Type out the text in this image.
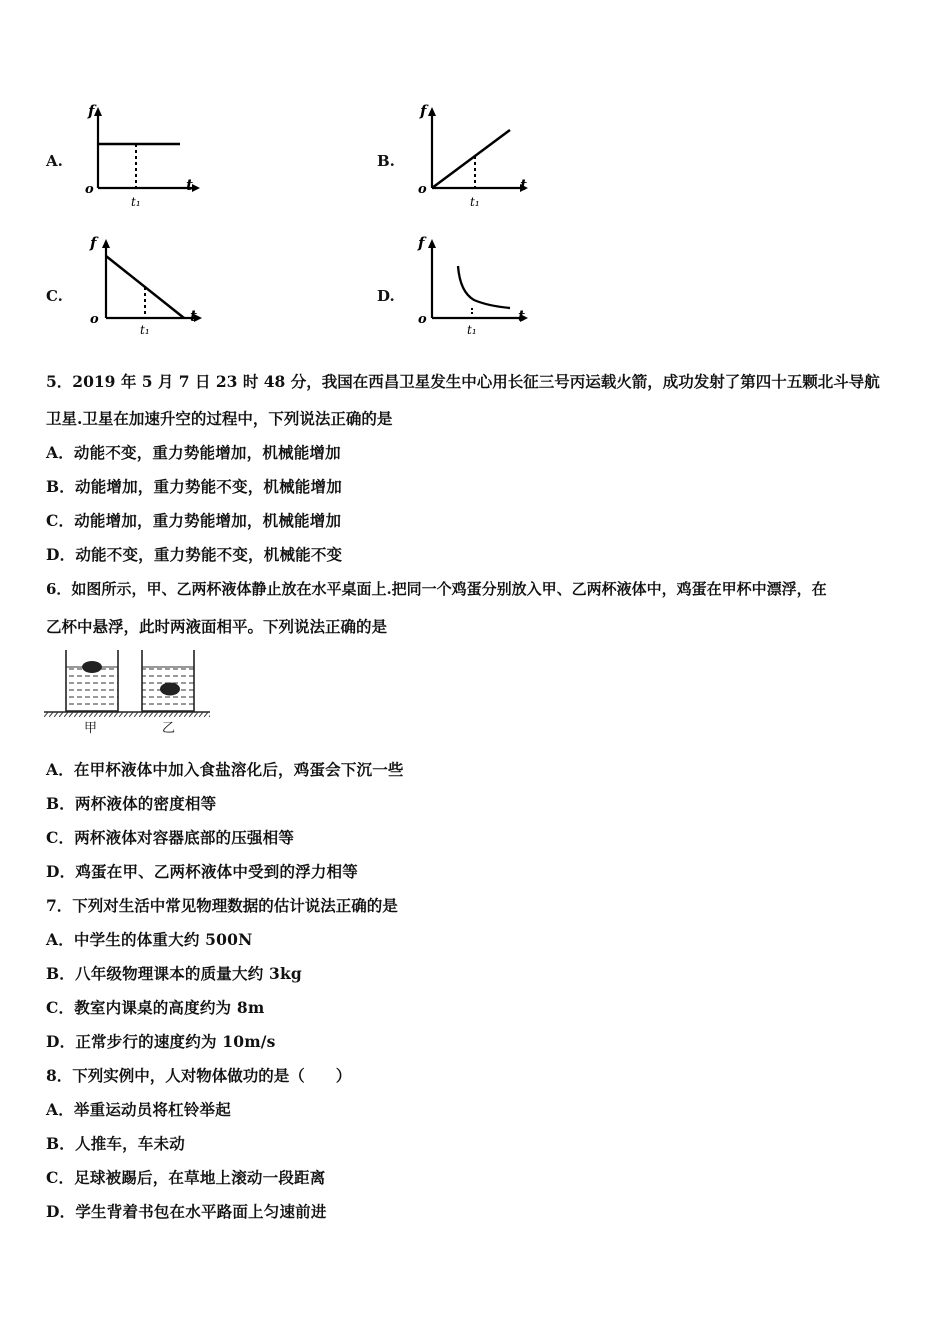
A.
f
t
o
t₁
B.
f
t
o
t₁
C.
f
t
o
t₁
D.
f
t
o
t₁
5．2019 年 5 月 7 日 23 时 48 分，我国在西昌卫星发生中心用长征三号丙运载火箭，成功发射了第四十五颗北斗导航
卫星.卫星在加速升空的过程中，下列说法正确的是
A．动能不变，重力势能增加，机械能增加
B．动能增加，重力势能不变，机械能增加
C．动能增加，重力势能增加，机械能增加
D．动能不变，重力势能不变，机械能不变
6．如图所示，甲、乙两杯液体静止放在水平桌面上.把同一个鸡蛋分别放入甲、乙两杯液体中，鸡蛋在甲杯中漂浮，在
乙杯中悬浮，此时两液面相平。下列说法正确的是
甲	乙
A．在甲杯液体中加入食盐溶化后，鸡蛋会下沉一些
B．两杯液体的密度相等
C．两杯液体对容器底部的压强相等
D．鸡蛋在甲、乙两杯液体中受到的浮力相等
7．下列对生活中常见物理数据的估计说法正确的是
A．中学生的体重大约 500N
B．八年级物理课本的质量大约 3kg
C．教室内课桌的高度约为 8m
D．正常步行的速度约为 10m/s
8．下列实例中，人对物体做功的是（　　）
A．举重运动员将杠铃举起
B．人推车，车未动
C．足球被踢后，在草地上滚动一段距离
D．学生背着书包在水平路面上匀速前进
